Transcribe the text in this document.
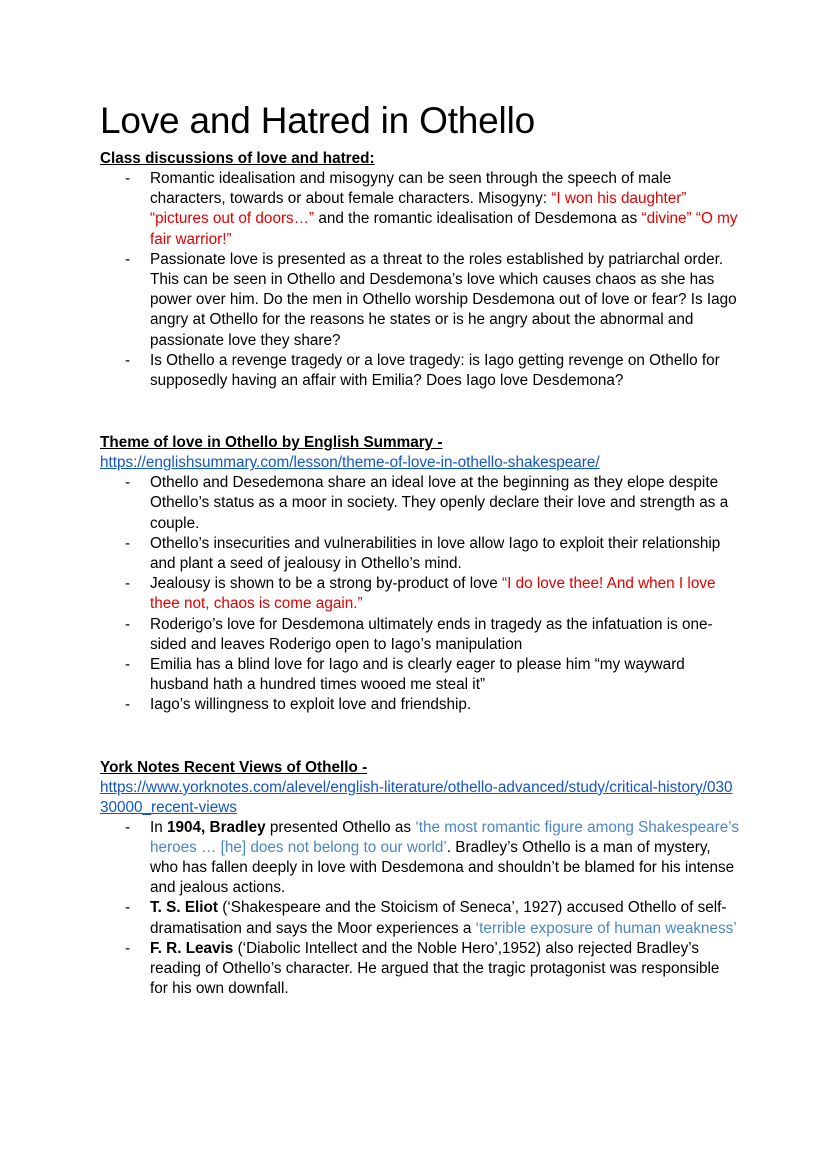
Love and Hatred in Othello

Class discussions of love and hatred:

- Romantic idealisation and misogyny can be seen through the speech of male characters, towards or about female characters. Misogyny: “I won his daughter” “pictures out of doors…” and the romantic idealisation of Desdemona as “divine” “O my fair warrior!”
- Passionate love is presented as a threat to the roles established by patriarchal order. This can be seen in Othello and Desdemona’s love which causes chaos as she has power over him. Do the men in Othello worship Desdemona out of love or fear? Is Iago angry at Othello for the reasons he states or is he angry about the abnormal and passionate love they share?
- Is Othello a revenge tragedy or a love tragedy: is Iago getting revenge on Othello for supposedly having an affair with Emilia? Does Iago love Desdemona?

Theme of love in Othello by English Summary -

https://englishsummary.com/lesson/theme-of-love-in-othello-shakespeare/
- Othello and Desedemona share an ideal love at the beginning as they elope despite Othello’s status as a moor in society. They openly declare their love and strength as a couple.
- Othello’s insecurities and vulnerabilities in love allow Iago to exploit their relationship and plant a seed of jealousy in Othello’s mind.
- Jealousy is shown to be a strong by-product of love “I do love thee! And when I love thee not, chaos is come again.”
- Roderigo’s love for Desdemona ultimately ends in tragedy as the infatuation is one-sided and leaves Roderigo open to Iago’s manipulation
- Emilia has a blind love for Iago and is clearly eager to please him “my wayward husband hath a hundred times wooed me steal it”
- Iago’s willingness to exploit love and friendship.

York Notes Recent Views of Othello -

https://www.yorknotes.com/alevel/english-literature/othello-advanced/study/critical-history/03030000_recent-views
- In 1904, Bradley presented Othello as ‘the most romantic figure among Shakespeare’s heroes … [he] does not belong to our world’. Bradley’s Othello is a man of mystery, who has fallen deeply in love with Desdemona and shouldn’t be blamed for his intense and jealous actions.
- T. S. Eliot (‘Shakespeare and the Stoicism of Seneca’, 1927) accused Othello of self-dramatisation and says the Moor experiences a ‘terrible exposure of human weakness’
- F. R. Leavis (‘Diabolic Intellect and the Noble Hero’,1952) also rejected Bradley’s reading of Othello’s character. He argued that the tragic protagonist was responsible for his own downfall.
